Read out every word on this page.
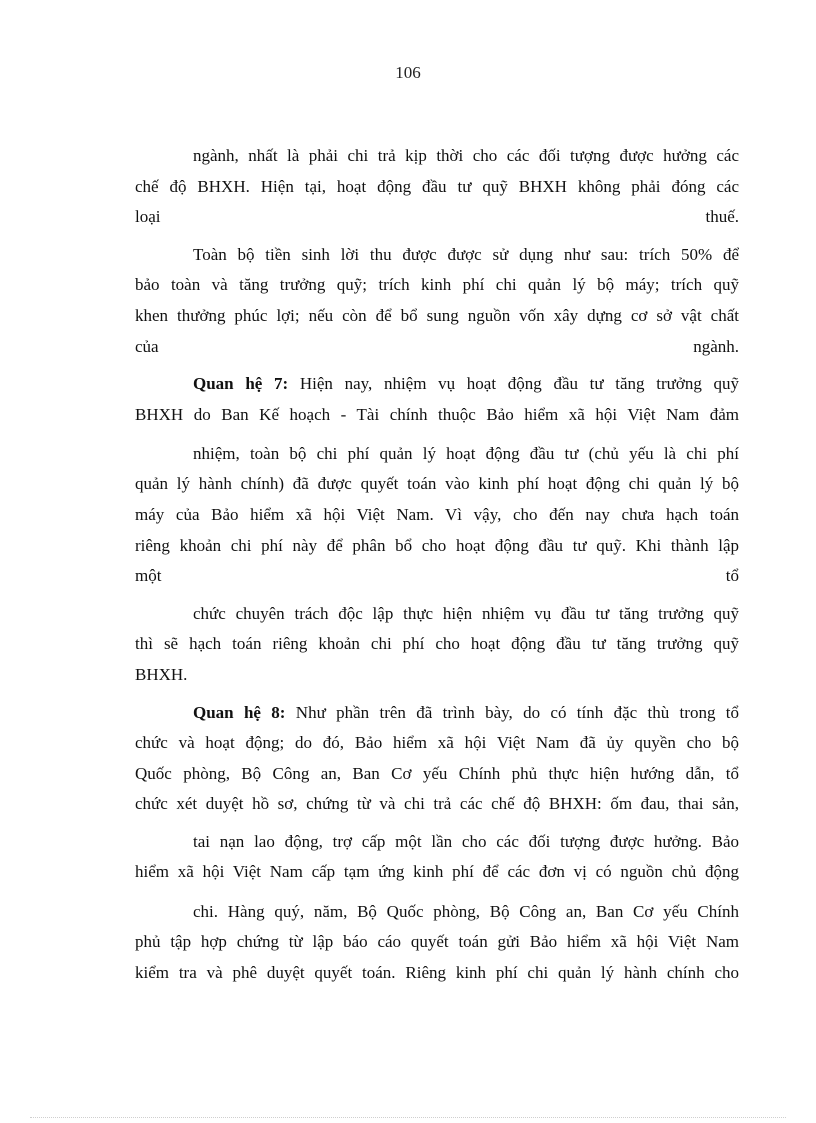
106
ngành, nhất là phải chi trả kịp thời cho các đối tượng được hưởng các
chế độ BHXH. Hiện tại, hoạt động đầu tư quỹ BHXH không phải đóng các
loại	thuế.
Toàn bộ tiền sinh lời thu được được sử dụng như sau: trích 50% để
bảo toàn và tăng trưởng quỹ; trích kinh phí chi quản lý bộ máy; trích quỹ
khen thưởng phúc lợi; nếu còn để bổ sung nguồn vốn xây dựng cơ sở vật chất
của	ngành.
Quan hệ 7: Hiện nay, nhiệm vụ hoạt động đầu tư tăng trưởng quỹ
BHXH do Ban Kế hoạch - Tài chính thuộc Bảo hiểm xã hội Việt Nam đảm
nhiệm, toàn bộ chi phí quản lý hoạt động đầu tư (chủ yếu là chi phí
quản lý hành chính) đã được quyết toán vào kinh phí hoạt động chi quản lý bộ
máy của Bảo hiểm xã hội Việt Nam. Vì vậy, cho đến nay chưa hạch toán
riêng khoản chi phí này để phân bổ cho hoạt động đầu tư quỹ. Khi thành lập
một	tổ
chức chuyên trách độc lập thực hiện nhiệm vụ đầu tư tăng trưởng quỹ
thì sẽ hạch toán riêng khoản chi phí cho hoạt động đầu tư tăng trưởng quỹ
BHXH.
Quan hệ 8: Như phần trên đã trình bày, do có tính đặc thù trong tổ
chức và hoạt động; do đó, Bảo hiểm xã hội Việt Nam đã ủy quyền cho bộ
Quốc phòng, Bộ Công an, Ban Cơ yếu Chính phủ thực hiện hướng dẫn, tổ
chức xét duyệt hồ sơ, chứng từ và chi trả các chế độ BHXH: ốm đau, thai sản,
tai nạn lao động, trợ cấp một lần cho các đối tượng được hưởng. Bảo
hiểm xã hội Việt Nam cấp tạm ứng kinh phí để các đơn vị có nguồn chủ động
chi. Hàng quý, năm, Bộ Quốc phòng, Bộ Công an, Ban Cơ yếu Chính
phủ tập hợp chứng từ lập báo cáo quyết toán gửi Bảo hiểm xã hội Việt Nam
kiểm tra và phê duyệt quyết toán. Riêng kinh phí chi quản lý hành chính cho
